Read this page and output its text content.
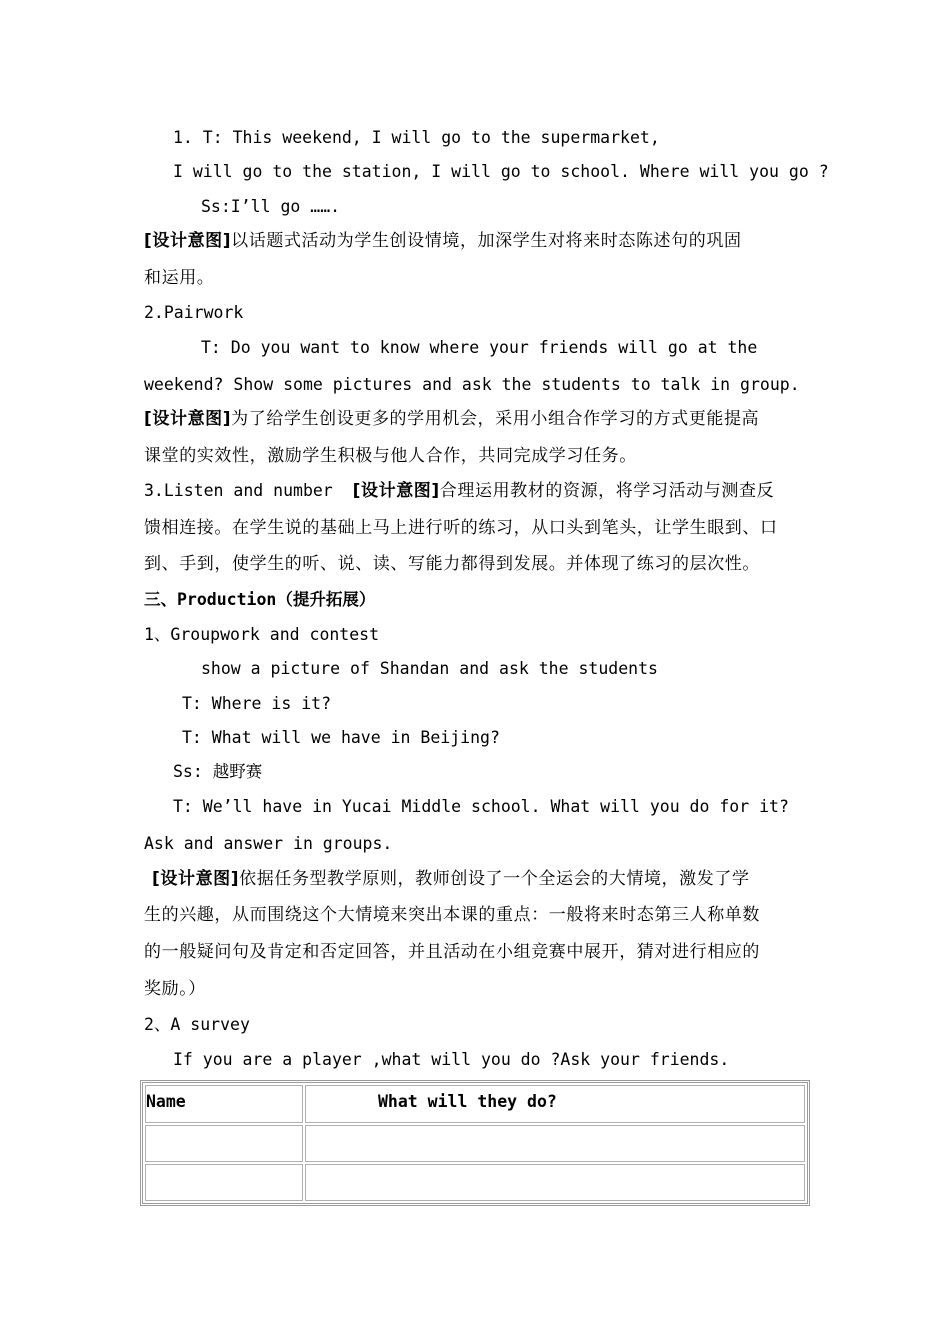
1. T: This weekend, I will go to the supermarket,
I will go to the station, I will go to school. Where will you go ?
Ss:I’ll go …….
[设计意图]以话题式活动为学生创设情境，加深学生对将来时态陈述句的巩固
和运用。
2.Pairwork
T: Do you want to know where your friends will go at the
weekend? Show some pictures and ask the students to talk in group.
[设计意图]为了给学生创设更多的学用机会，采用小组合作学习的方式更能提高
课堂的实效性，激励学生积极与他人合作，共同完成学习任务。
3.Listen and number  [设计意图]合理运用教材的资源，将学习活动与测查反
馈相连接。在学生说的基础上马上进行听的练习，从口头到笔头，让学生眼到、口
到、手到，使学生的听、说、读、写能力都得到发展。并体现了练习的层次性。
三、Production（提升拓展）
1、Groupwork and contest
show a picture of Shandan and ask the students
T: Where is it?
T: What will we have in Beijing?
Ss: 越野赛
T: We’ll have in Yucai Middle school. What will you do for it?
Ask and answer in groups.
[设计意图]依据任务型教学原则，教师创设了一个全运会的大情境，激发了学
生的兴趣，从而围绕这个大情境来突出本课的重点：一般将来时态第三人称单数
的一般疑问句及肯定和否定回答，并且活动在小组竞赛中展开，猜对进行相应的
奖励。）
2、A survey
If you are a player ,what will you do ?Ask your friends.
Name	What will they do?
